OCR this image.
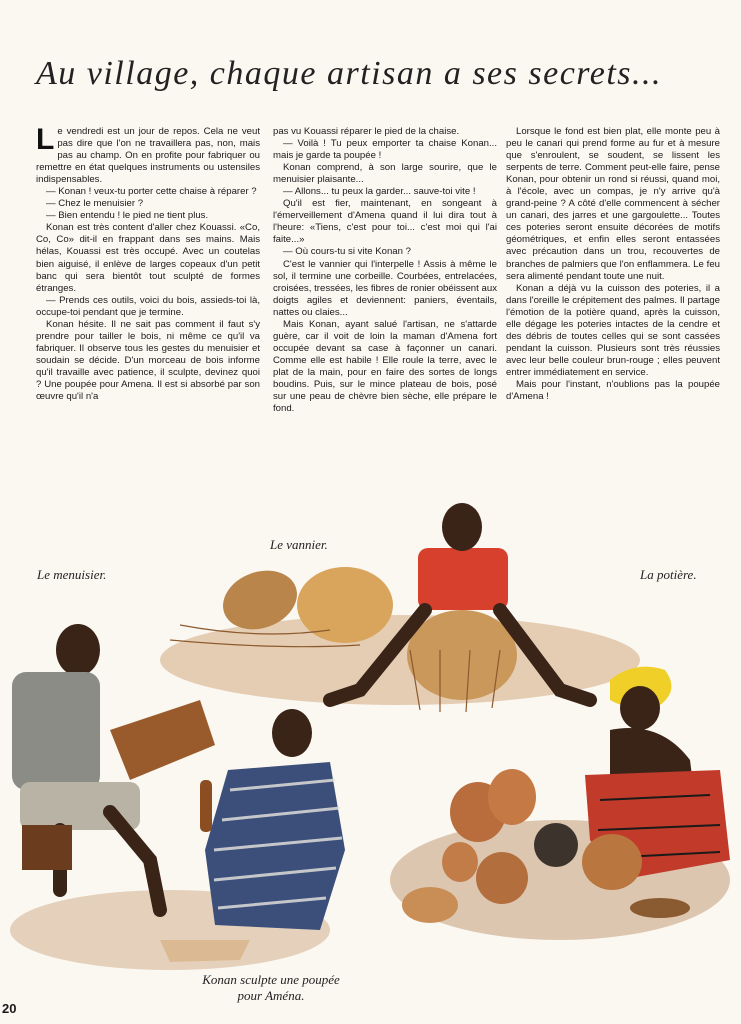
Au village, chaque artisan a ses secrets...

Le vendredi est un jour de repos. Cela ne veut pas dire que l'on ne travaillera pas, non, mais pas au champ. On en profite pour fabriquer ou remettre en état quelques instruments ou ustensiles indispensables.

— Konan ! veux-tu porter cette chaise à réparer ?

— Chez le menuisier ?

— Bien entendu ! le pied ne tient plus.

Konan est très content d'aller chez Kouassi. «Co, Co, Co» dit-il en frappant dans ses mains. Mais hélas, Kouassi est très occupé. Avec un coutelas bien aiguisé, il enlève de larges copeaux d'un petit banc qui sera bientôt tout sculpté de formes étranges.

— Prends ces outils, voici du bois, assieds-toi là, occupe-toi pendant que je termine.

Konan hésite. Il ne sait pas comment il faut s'y prendre pour tailler le bois, ni même ce qu'il va fabriquer. Il observe tous les gestes du menuisier et soudain se décide. D'un morceau de bois informe qu'il travaille avec patience, il sculpte, devinez quoi ? Une poupée pour Amena. Il est si absorbé par son œuvre qu'il n'a

pas vu Kouassi réparer le pied de la chaise.

— Voilà ! Tu peux emporter ta chaise Konan... mais je garde ta poupée !

Konan comprend, à son large sourire, que le menuisier plaisante...

— Allons... tu peux la garder... sauve-toi vite !

Qu'il est fier, maintenant, en songeant à l'émerveillement d'Amena quand il lui dira tout à l'heure: «Tiens, c'est pour toi... c'est moi qui l'ai faite...»

— Où cours-tu si vite Konan ?

C'est le vannier qui l'interpelle ! Assis à même le sol, il termine une corbeille. Courbées, entrelacées, croisées, tressées, les fibres de ronier obéissent aux doigts agiles et deviennent: paniers, éventails, nattes ou claies...

Mais Konan, ayant salué l'artisan, ne s'attarde guère, car il voit de loin la maman d'Amena fort occupée devant sa case à façonner un canari. Comme elle est habile ! Elle roule la terre, avec le plat de la main, pour en faire des sortes de longs boudins. Puis, sur le mince plateau de bois, posé sur une peau de chèvre bien sèche, elle prépare le fond.

Lorsque le fond est bien plat, elle monte peu à peu le canari qui prend forme au fur et à mesure que s'enroulent, se soudent, se lissent les serpents de terre. Comment peut-elle faire, pense Konan, pour obtenir un rond si réussi, quand moi, à l'école, avec un compas, je n'y arrive qu'à grand-peine ? A côté d'elle commencent à sécher un canari, des jarres et une gargoulette... Toutes ces poteries seront ensuite décorées de motifs géométriques, et enfin elles seront entassées avec précaution dans un trou, recouvertes de branches de palmiers que l'on enflammera. Le feu sera alimenté pendant toute une nuit.

Konan a déjà vu la cuisson des poteries, il a dans l'oreille le crépitement des palmes. Il partage l'émotion de la potière quand, après la cuisson, elle dégage les poteries intactes de la cendre et des débris de toutes celles qui se sont cassées pendant la cuisson. Plusieurs sont très réussies avec leur belle couleur brun-rouge ; elles peuvent entrer immédiatement en service.

Mais pour l'instant, n'oublions pas la poupée d'Amena !

Le vannier.
Le menuisier.	La potière.
Konan sculpte une poupée
pour Aména.
20
